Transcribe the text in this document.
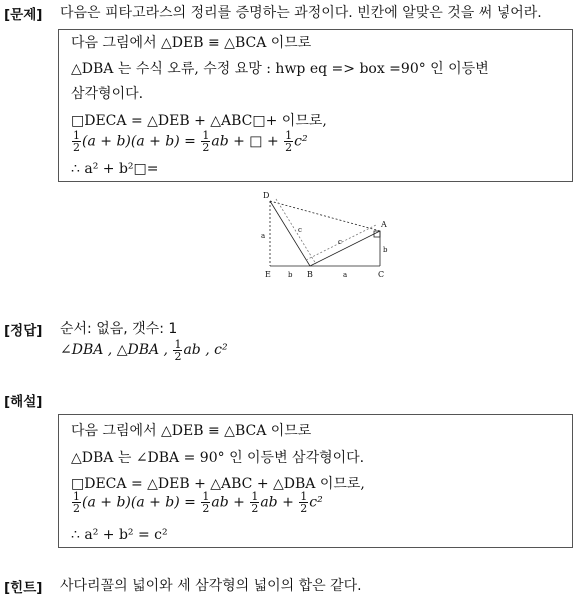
[문제] 다음은 피타고라스의 정리를 증명하는 과정이다. 빈칸에 알맞은 것을 써 넣어라.
다음 그림에서 △DEB ≡ △BCA 이므로
△DBA 는 수식 오류, 수정 요망 : hwp eq => box =90° 인 이등변
삼각형이다.
□DECA = △DEB + △ABC□+ 이므로,
$\frac{1}{2} (a + b)(a + b) = \frac{1}{2}$ ab + □ + $\frac{1}{2} c^2$
∴ a² + b²□=
D
A
E	B	C
a
c
c
b
b	a
[정답] 순서: 없음, 갯수: 1
∠DBA , △DBA , $\frac{1}{2}$ ab , c²
[해설]
다음 그림에서 △DEB ≡ △BCA 이므로
△DBA 는 ∠DBA = 90° 인 이등변 삼각형이다.
□DECA = △DEB + △ABC + △DBA 이므로,
$\frac{1}{2} (a + b)(a + b) = \frac{1}{2}$ ab + $\frac{1}{2}$ ab + $\frac{1}{2} c^2$
∴ a² + b² = c²
[힌트] 사다리꼴의 넓이와 세 삼각형의 넓이의 합은 같다.
